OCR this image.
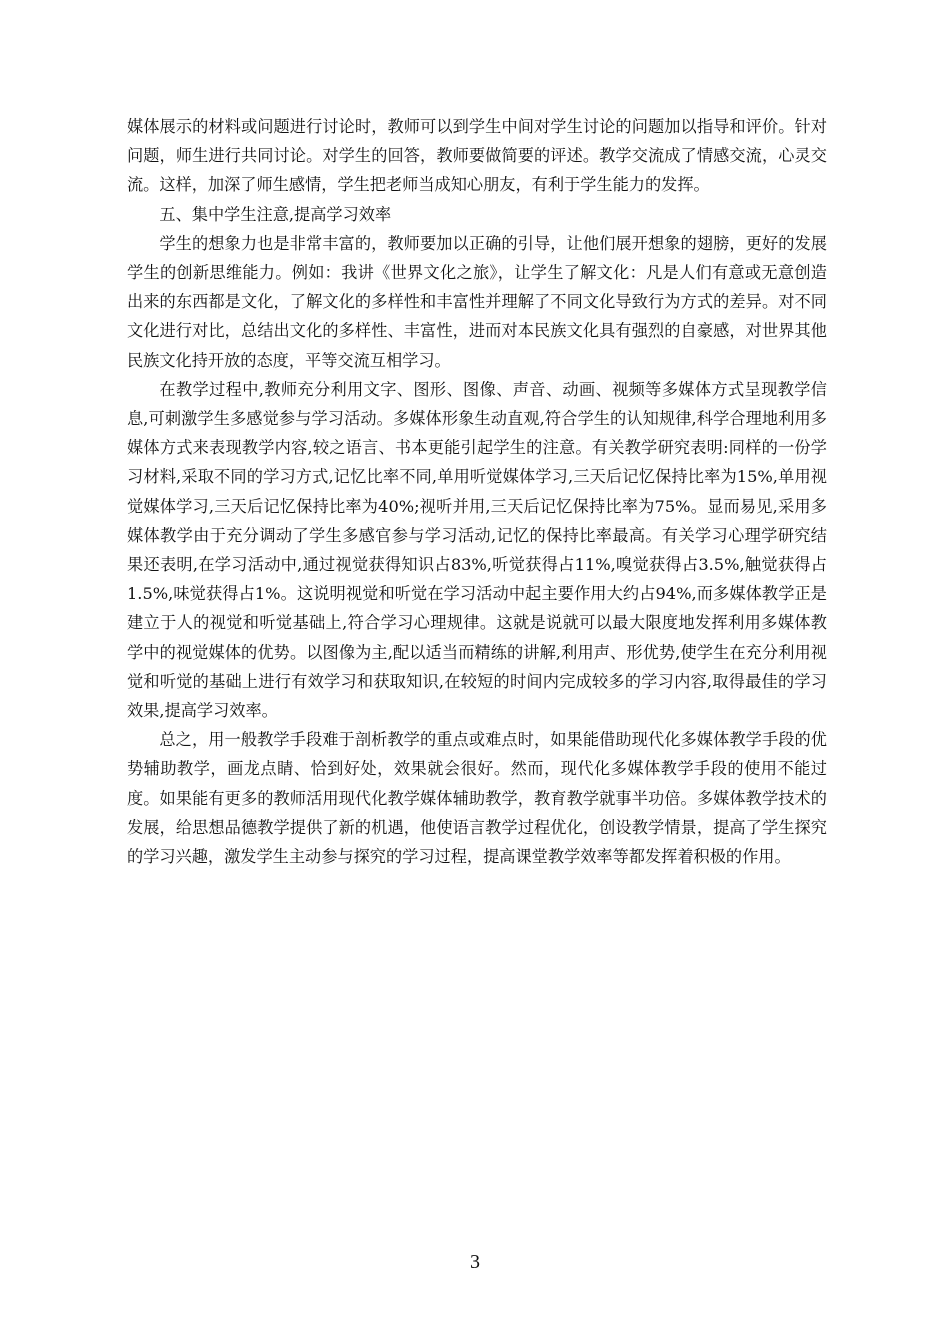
媒体展示的材料或问题进行讨论时，教师可以到学生中间对学生讨论的问题加以指导和评价。针对问题，师生进行共同讨论。对学生的回答，教师要做简要的评述。教学交流成了情感交流，心灵交流。这样，加深了师生感情，学生把老师当成知心朋友，有利于学生能力的发挥。

五、集中学生注意,提高学习效率

学生的想象力也是非常丰富的，教师要加以正确的引导，让他们展开想象的翅膀，更好的发展学生的创新思维能力。例如：我讲《世界文化之旅》，让学生了解文化：凡是人们有意或无意创造出来的东西都是文化，了解文化的多样性和丰富性并理解了不同文化导致行为方式的差异。对不同文化进行对比，总结出文化的多样性、丰富性，进而对本民族文化具有强烈的自豪感，对世界其他民族文化持开放的态度，平等交流互相学习。

在教学过程中,教师充分利用文字、图形、图像、声音、动画、视频等多媒体方式呈现教学信息,可刺激学生多感觉参与学习活动。多媒体形象生动直观,符合学生的认知规律,科学合理地利用多媒体方式来表现教学内容,较之语言、书本更能引起学生的注意。有关教学研究表明:同样的一份学习材料,采取不同的学习方式,记忆比率不同,单用听觉媒体学习,三天后记忆保持比率为15%,单用视觉媒体学习,三天后记忆保持比率为40%;视听并用,三天后记忆保持比率为75%。显而易见,采用多媒体教学由于充分调动了学生多感官参与学习活动,记忆的保持比率最高。有关学习心理学研究结果还表明,在学习活动中,通过视觉获得知识占83%,听觉获得占11%,嗅觉获得占3.5%,触觉获得占1.5%,味觉获得占1%。这说明视觉和听觉在学习活动中起主要作用大约占94%,而多媒体教学正是建立于人的视觉和听觉基础上,符合学习心理规律。这就是说就可以最大限度地发挥利用多媒体教学中的视觉媒体的优势。以图像为主,配以适当而精练的讲解,利用声、形优势,使学生在充分利用视觉和听觉的基础上进行有效学习和获取知识,在较短的时间内完成较多的学习内容,取得最佳的学习效果,提高学习效率。

总之，用一般教学手段难于剖析教学的重点或难点时，如果能借助现代化多媒体教学手段的优势辅助教学，画龙点睛、恰到好处，效果就会很好。然而，现代化多媒体教学手段的使用不能过度。如果能有更多的教师活用现代化教学媒体辅助教学，教育教学就事半功倍。多媒体教学技术的发展，给思想品德教学提供了新的机遇，他使语言教学过程优化，创设教学情景，提高了学生探究的学习兴趣，激发学生主动参与探究的学习过程，提高课堂教学效率等都发挥着积极的作用。

3
